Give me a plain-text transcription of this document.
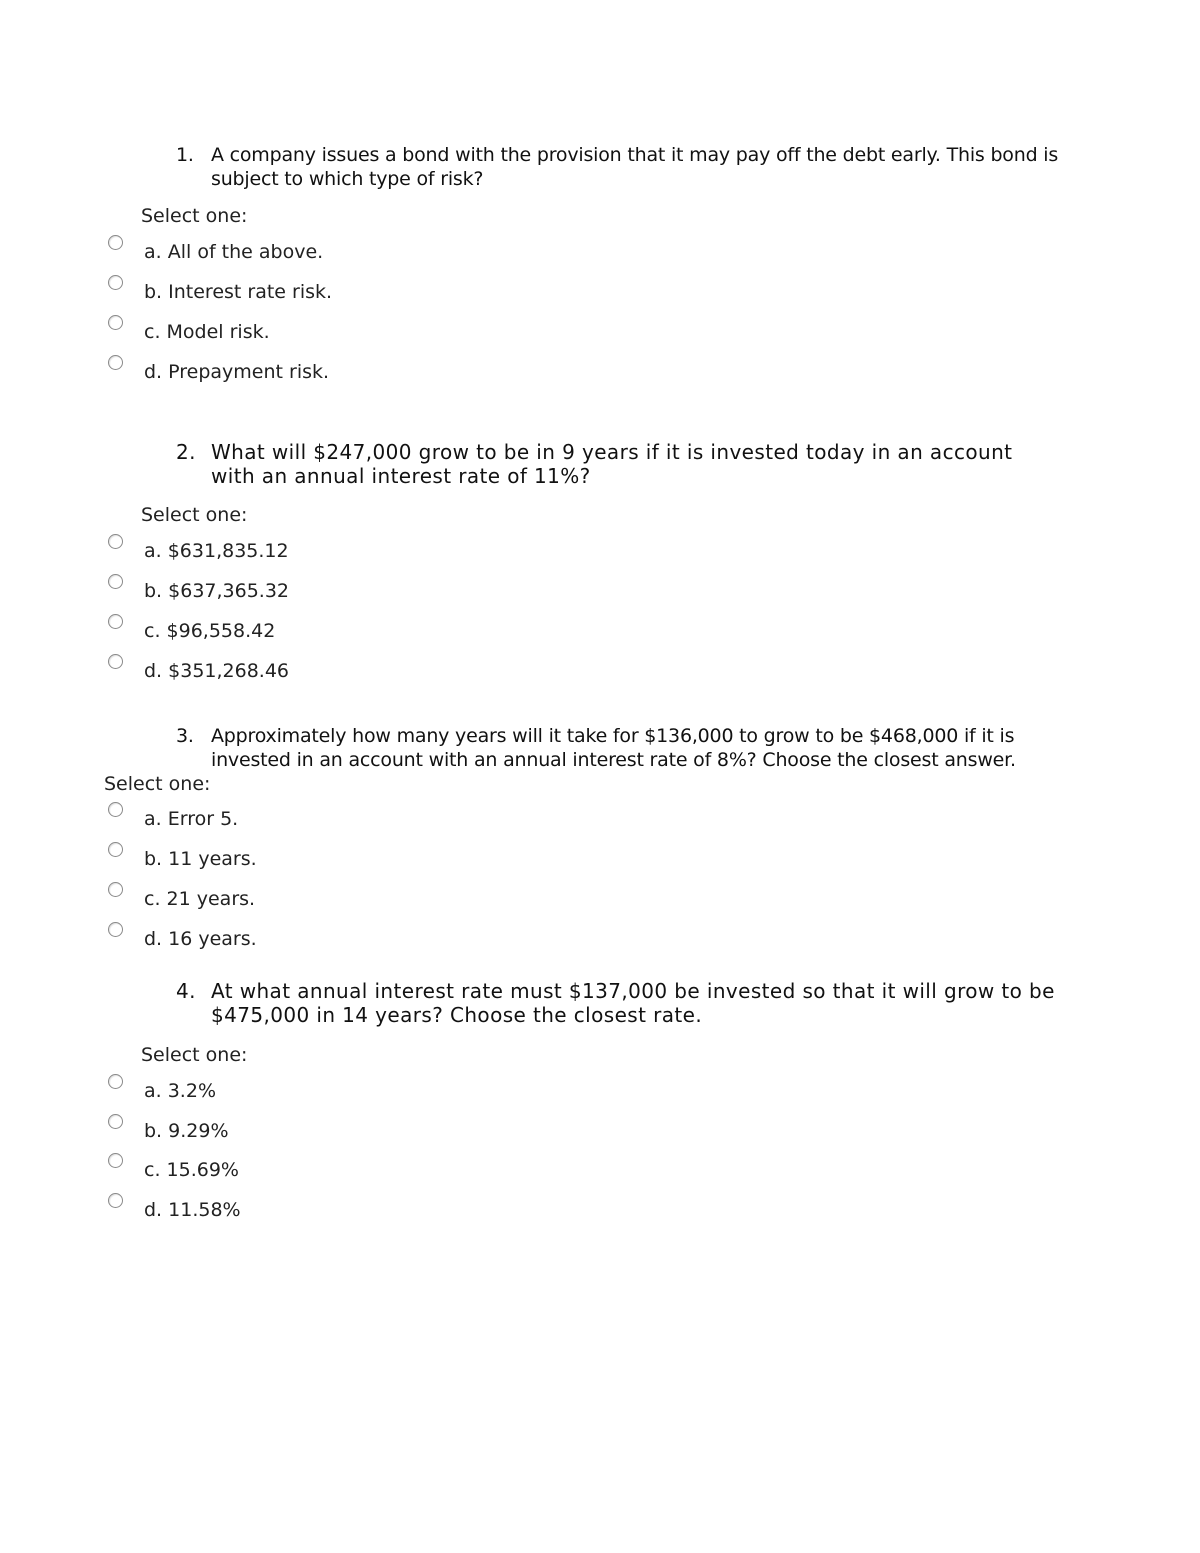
1. A company issues a bond with the provision that it may pay off the debt early. This bond is subject to which type of risk?
Select one:
a. All of the above.
b. Interest rate risk.
c. Model risk.
d. Prepayment risk.
2. What will $247,000 grow to be in 9 years if it is invested today in an account with an annual interest rate of 11%?
Select one:
a. $631,835.12
b. $637,365.32
c. $96,558.42
d. $351,268.46
3. Approximately how many years will it take for $136,000 to grow to be $468,000 if it is invested in an account with an annual interest rate of 8%? Choose the closest answer.
Select one:
a. Error 5.
b. 11 years.
c. 21 years.
d. 16 years.
4. At what annual interest rate must $137,000 be invested so that it will grow to be $475,000 in 14 years? Choose the closest rate.
Select one:
a. 3.2%
b. 9.29%
c. 15.69%
d. 11.58%
